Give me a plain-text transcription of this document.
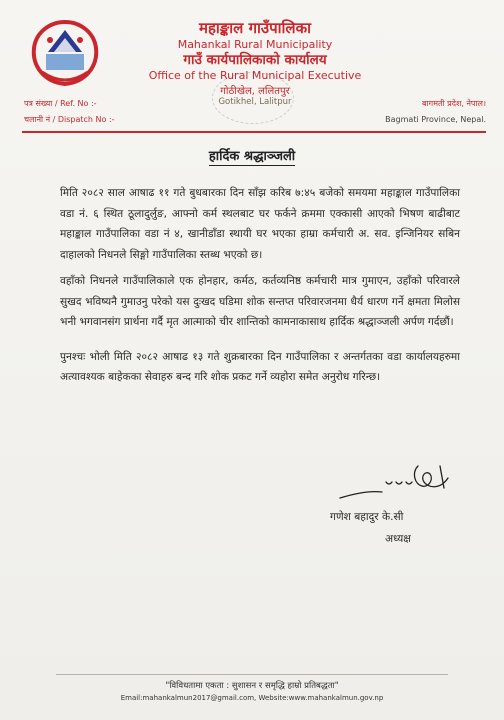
महाङ्काल गाउँपालिका
Mahankal Rural Municipality
गाउँ कार्यपालिकाको कार्यालय
Office of the Rural Municipal Executive
गोठीखेल, ललितपुर
Gotikhel, Lalitpur
पत्र संख्या / Ref. No :-
चलानी नं / Dispatch No :-
बागमती प्रदेश, नेपाल।
Bagmati Province, Nepal.
हार्दिक श्रद्धाञ्जली

मिति २०८२ साल आषाढ ११ गते बुधबारका दिन साँझ करिब ७:४५ बजेको समयमा महाङ्काल गाउँपालिका वडा नं. ६ स्थित ठूलादुर्लुङ, आफ्नो कर्म स्थलबाट घर फर्कने क्रममा एक्कासी आएको भिषण बाढीबाट महाङ्काल गाउँपालिका वडा नं ४, खानीडाँडा स्थायी घर भएका हाम्रा कर्मचारी अ. सव. इन्जिनियर सबिन दाहालको निधनले सिङ्गो गाउँपालिका स्तब्ध भएको छ।

वहाँको निधनले गाउँपालिकाले एक होनहार, कर्मठ, कर्तव्यनिष्ठ कर्मचारी मात्र गुमाएन, उहाँको परिवारले सुखद भविष्यनै गुमाउनु परेको यस दुःखद घडिमा शोक सन्तप्त परिवारजनमा धैर्य धारण गर्ने क्षमता मिलोस भनी भगवानसंग प्रार्थना गर्दै मृत आत्माको चीर शान्तिको कामनाकासाथ हार्दिक श्रद्धाञ्जली अर्पण गर्दछौं।

पुनश्चः भोली मिति २०८२ आषाढ १३ गते शुक्रबारका दिन गाउँपालिका र अन्तर्गतका वडा कार्यालयहरुमा अत्यावश्यक बाहेकका सेवाहरु बन्द गरि शोक प्रकट गर्ने व्यहोरा समेत अनुरोध गरिन्छ।

गणेश बहादुर के.सी
अध्यक्ष
"विविधतामा एकता : सुशासन र समृद्धि हाम्रो प्रतिबद्धता"
Email:mahankalmun2017@gmail.com, Website:www.mahankalmun.gov.np
